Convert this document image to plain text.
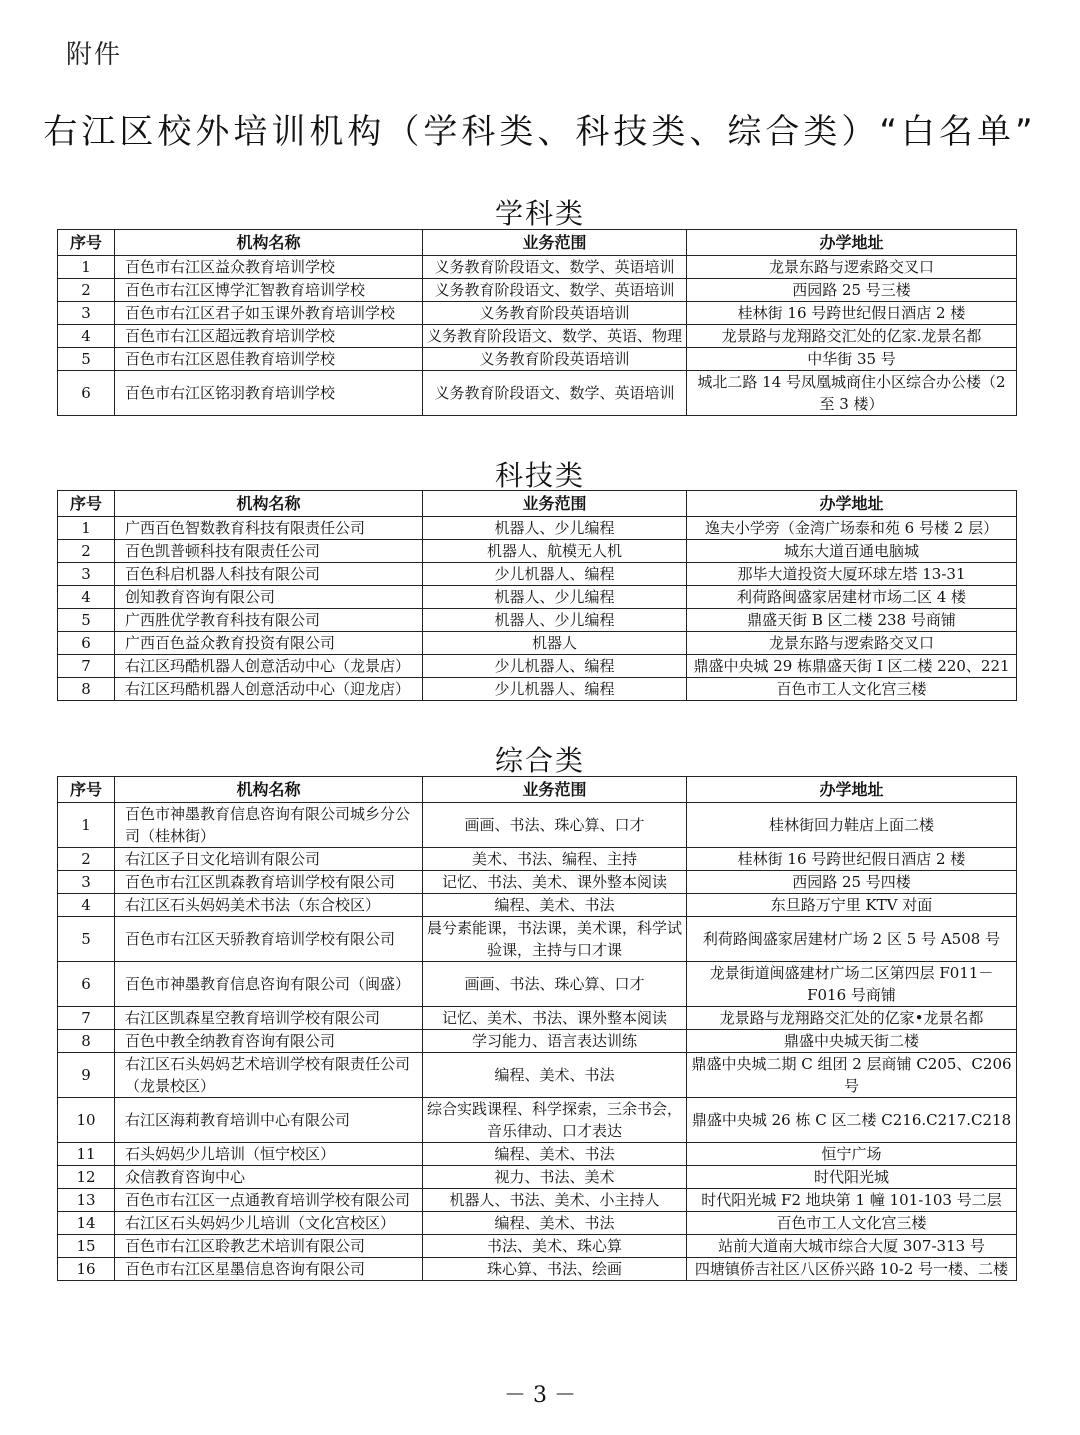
附件
右江区校外培训机构（学科类、科技类、综合类）“白名单”
学科类
序号	机构名称	业务范围	办学地址
1	百色市右江区益众教育培训学校	义务教育阶段语文、数学、英语培训	龙景东路与逻索路交叉口
2	百色市右江区博学汇智教育培训学校	义务教育阶段语文、数学、英语培训	西园路 25 号三楼
3	百色市右江区君子如玉课外教育培训学校	义务教育阶段英语培训	桂林街 16 号跨世纪假日酒店 2 楼
4	百色市右江区超远教育培训学校	义务教育阶段语文、数学、英语、物理	龙景路与龙翔路交汇处的亿家.龙景名都
5	百色市右江区恩佳教育培训学校	义务教育阶段英语培训	中华街 35 号
6	百色市右江区铭羽教育培训学校	义务教育阶段语文、数学、英语培训	城北二路 14 号凤凰城商住小区综合办公楼（2至 3 楼）
科技类
序号	机构名称	业务范围	办学地址
1	广西百色智数教育科技有限责任公司	机器人、少儿编程	逸夫小学旁（金湾广场泰和苑 6 号楼 2 层）
2	百色凯普顿科技有限责任公司	机器人、航模无人机	城东大道百通电脑城
3	百色科启机器人科技有限公司	少儿机器人、编程	那毕大道投资大厦环球左塔 13-31
4	创知教育咨询有限公司	机器人、少儿编程	利荷路闽盛家居建材市场二区 4 楼
5	广西胜优学教育科技有限公司	机器人、少儿编程	鼎盛天街 B 区二楼 238 号商铺
6	广西百色益众教育投资有限公司	机器人	龙景东路与逻索路交叉口
7	右江区玛酷机器人创意活动中心（龙景店）	少儿机器人、编程	鼎盛中央城 29 栋鼎盛天街 I 区二楼 220、221
8	右江区玛酷机器人创意活动中心（迎龙店）	少儿机器人、编程	百色市工人文化宫三楼
综合类
序号	机构名称	业务范围	办学地址
1	百色市神墨教育信息咨询有限公司城乡分公司（桂林街）	画画、书法、珠心算、口才	桂林街回力鞋店上面二楼
2	右江区子日文化培训有限公司	美术、书法、编程、主持	桂林街 16 号跨世纪假日酒店 2 楼
3	百色市右江区凯森教育培训学校有限公司	记忆、书法、美术、课外整本阅读	西园路 25 号四楼
4	右江区石头妈妈美术书法（东合校区）	编程、美术、书法	东旦路万宁里 KTV 对面
5	百色市右江区天骄教育培训学校有限公司	晨兮素能课，书法课，美术课，科学试验课，主持与口才课	利荷路闽盛家居建材广场 2 区 5 号 A508 号
6	百色市神墨教育信息咨询有限公司（闽盛）	画画、书法、珠心算、口才	龙景街道闽盛建材广场二区第四层 F011－F016 号商铺
7	右江区凯森星空教育培训学校有限公司	记忆、美术、书法、课外整本阅读	龙景路与龙翔路交汇处的亿家•龙景名都
8	百色中教全纳教育咨询有限公司	学习能力、语言表达训练	鼎盛中央城天街二楼
9	右江区石头妈妈艺术培训学校有限责任公司（龙景校区）	编程、美术、书法	鼎盛中央城二期 C 组团 2 层商铺 C205、C206 号
10	右江区海莉教育培训中心有限公司	综合实践课程、科学探索，三余书会，音乐律动、口才表达	鼎盛中央城 26 栋 C 区二楼 C216.C217.C218
11	石头妈妈少儿培训（恒宁校区）	编程、美术、书法	恒宁广场
12	众信教育咨询中心	视力、书法、美术	时代阳光城
13	百色市右江区一点通教育培训学校有限公司	机器人、书法、美术、小主持人	时代阳光城 F2 地块第 1 幢 101-103 号二层
14	右江区石头妈妈少儿培训（文化宫校区）	编程、美术、书法	百色市工人文化宫三楼
15	百色市右江区聆教艺术培训有限公司	书法、美术、珠心算	站前大道南大城市综合大厦 307-313 号
16	百色市右江区星墨信息咨询有限公司	珠心算、书法、绘画	四塘镇侨吉社区八区侨兴路 10-2 号一楼、二楼
－ 3 －
